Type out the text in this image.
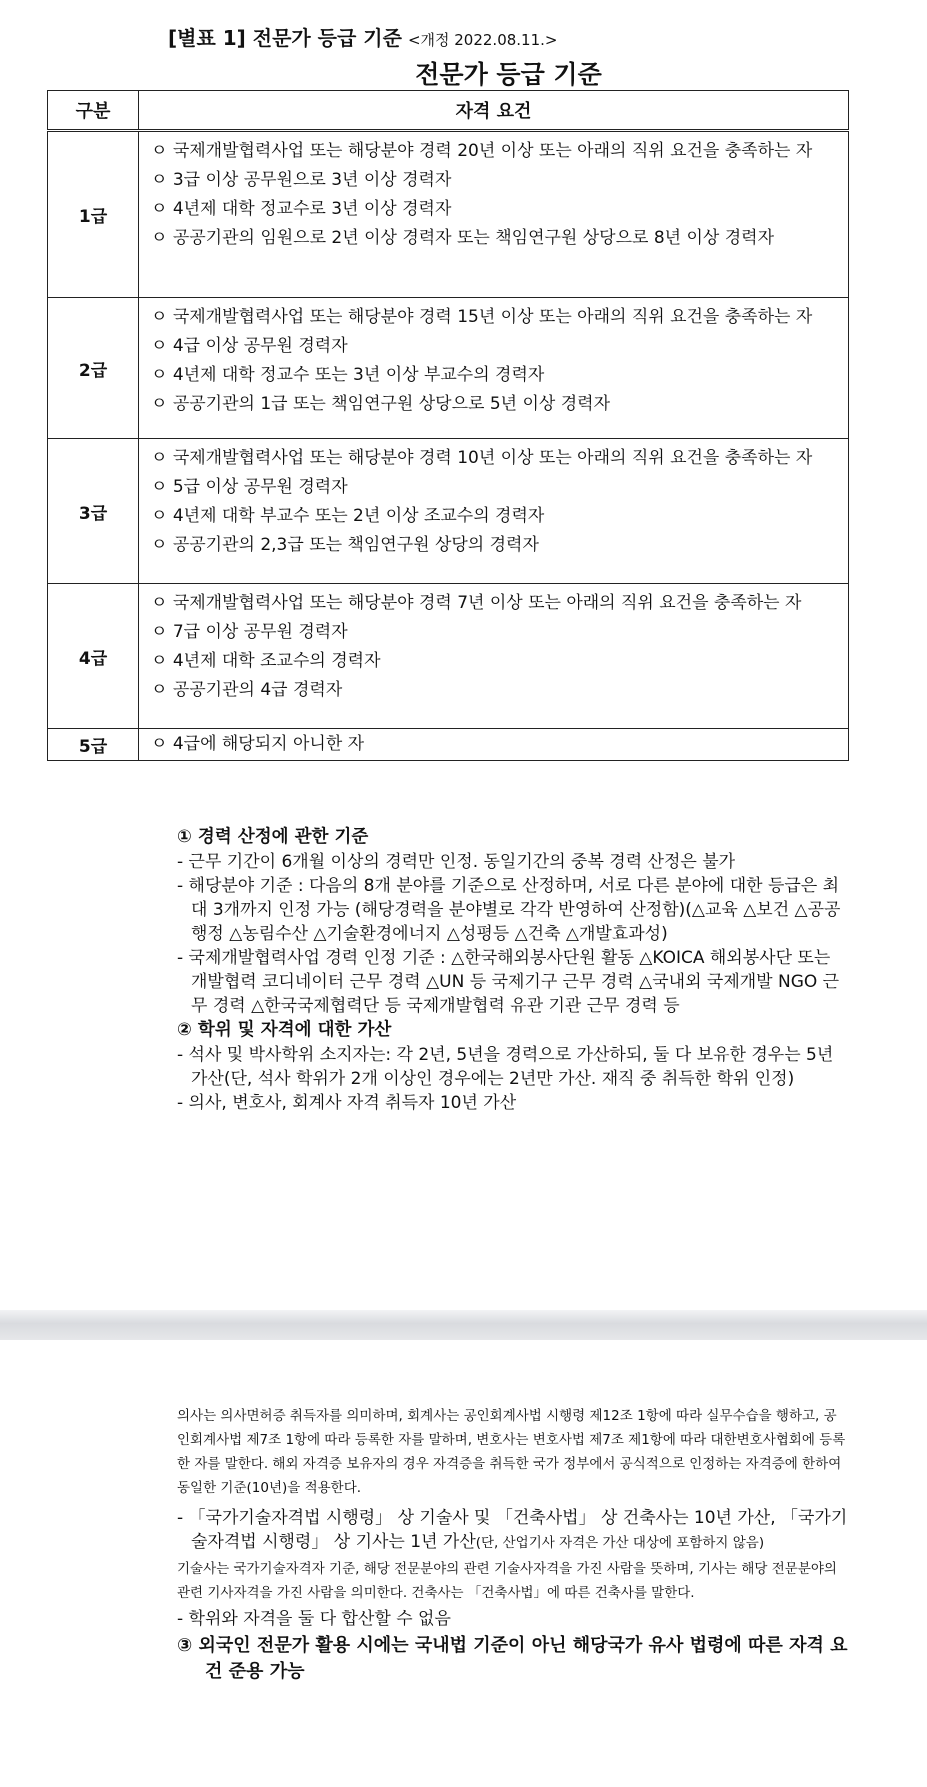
[별표 1] 전문가 등급 기준 <개정 2022.08.11.>
전문가 등급 기준
구분	자격 요건
1급	ㅇ 국제개발협력사업 또는 해당분야 경력 20년 이상 또는 아래의 직위 요건을 충족하는 자

ㅇ 3급 이상 공무원으로 3년 이상 경력자

ㅇ 4년제 대학 정교수로 3년 이상 경력자

ㅇ 공공기관의 임원으로 2년 이상 경력자 또는 책임연구원 상당으로 8년 이상 경력자

2급	ㅇ 국제개발협력사업 또는 해당분야 경력 15년 이상 또는 아래의 직위 요건을 충족하는 자

ㅇ 4급 이상 공무원 경력자

ㅇ 4년제 대학 정교수 또는 3년 이상 부교수의 경력자

ㅇ 공공기관의 1급 또는 책임연구원 상당으로 5년 이상 경력자

3급	ㅇ 국제개발협력사업 또는 해당분야 경력 10년 이상 또는 아래의 직위 요건을 충족하는 자

ㅇ 5급 이상 공무원 경력자

ㅇ 4년제 대학 부교수 또는 2년 이상 조교수의 경력자

ㅇ 공공기관의 2,3급 또는 책임연구원 상당의 경력자

4급	ㅇ 국제개발협력사업 또는 해당분야 경력 7년 이상 또는 아래의 직위 요건을 충족하는 자

ㅇ 7급 이상 공무원 경력자

ㅇ 4년제 대학 조교수의 경력자

ㅇ 공공기관의 4급 경력자

5급	ㅇ 4급에 해당되지 아니한 자

① 경력 산정에 관한 기준

- 근무 기간이 6개월 이상의 경력만 인정. 동일기간의 중복 경력 산정은 불가

- 해당분야 기준 : 다음의 8개 분야를 기준으로 산정하며, 서로 다른 분야에 대한 등급은 최대 3개까지 인정 가능 (해당경력을 분야별로 각각 반영하여 산정함)(△교육 △보건 △공공행정 △농림수산 △기술환경에너지 △성평등 △건축 △개발효과성)

- 국제개발협력사업 경력 인정 기준 : △한국해외봉사단원 활동 △KOICA 해외봉사단 또는 개발협력 코디네이터 근무 경력 △UN 등 국제기구 근무 경력 △국내외 국제개발 NGO 근무 경력 △한국국제협력단 등 국제개발협력 유관 기관 근무 경력 등

② 학위 및 자격에 대한 가산

- 석사 및 박사학위 소지자는: 각 2년, 5년을 경력으로 가산하되, 둘 다 보유한 경우는 5년 가산(단, 석사 학위가 2개 이상인 경우에는 2년만 가산. 재직 중 취득한 학위 인정)

- 의사, 변호사, 회계사 자격 취득자 10년 가산

의사는 의사면허증 취득자를 의미하며, 회계사는 공인회계사법 시행령 제12조 1항에 따라 실무수습을 행하고, 공인회계사법 제7조 1항에 따라 등록한 자를 말하며, 변호사는 변호사법 제7조 제1항에 따라 대한변호사협회에 등록한 자를 말한다. 해외 자격증 보유자의 경우 자격증을 취득한 국가 정부에서 공식적으로 인정하는 자격증에 한하여 동일한 기준(10년)을 적용한다.

- 「국가기술자격법 시행령」 상 기술사 및 「건축사법」 상 건축사는 10년 가산, 「국가기술자격법 시행령」 상 기사는 1년 가산(단, 산업기사 자격은 가산 대상에 포함하지 않음)

기술사는 국가기술자격자 기준, 해당 전문분야의 관련 기술사자격을 가진 사람을 뜻하며, 기사는 해당 전문분야의 관련 기사자격을 가진 사람을 의미한다. 건축사는 「건축사법」에 따른 건축사를 말한다.

- 학위와 자격을 둘 다 합산할 수 없음

③ 외국인 전문가 활용 시에는 국내법 기준이 아닌 해당국가 유사 법령에 따른 자격 요건 준용 가능
